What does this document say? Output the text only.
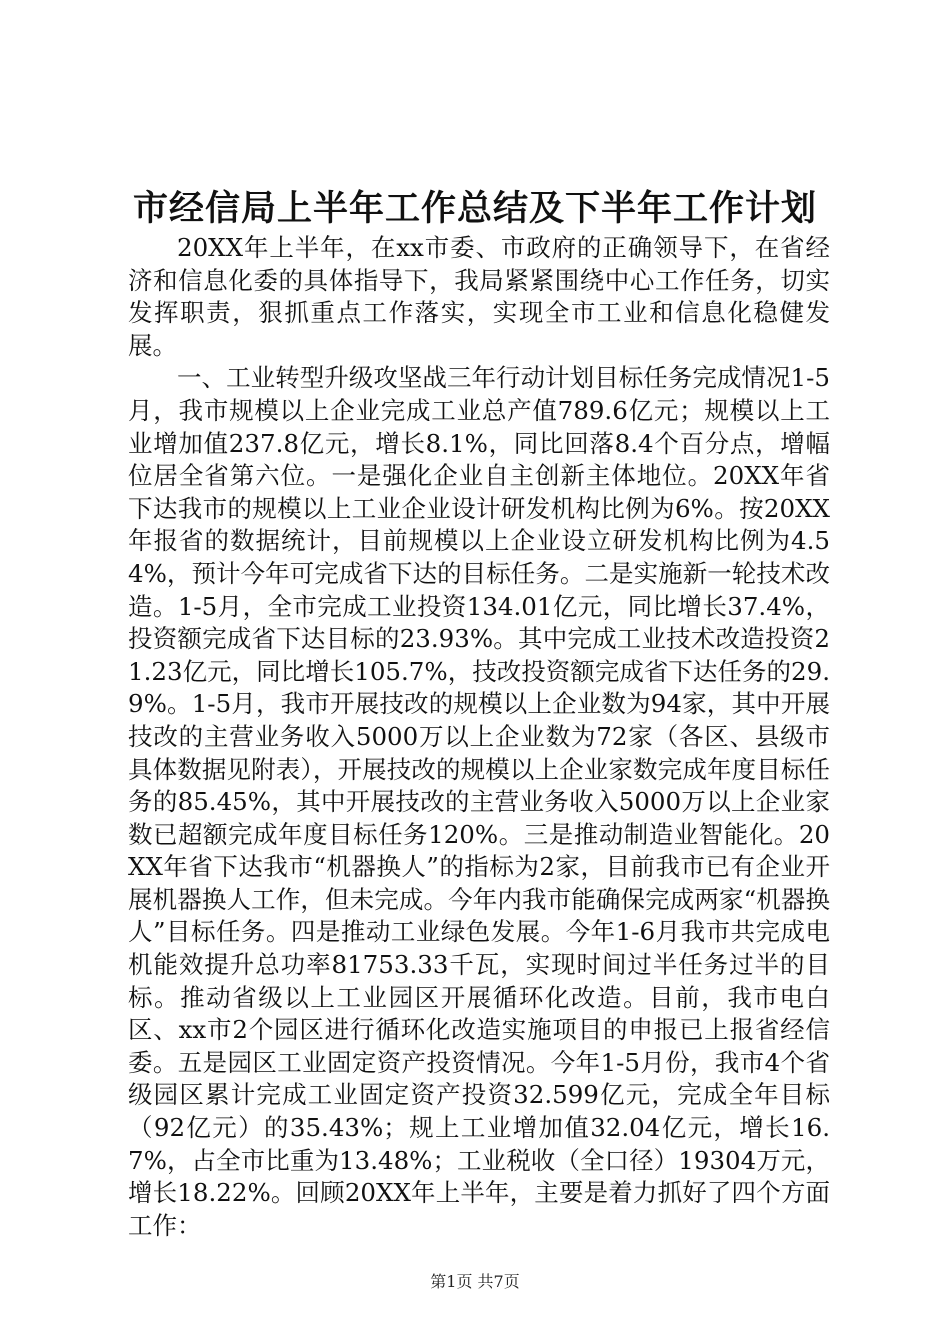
市经信局上半年工作总结及下半年工作计划

20XX年上半年，在xx市委、市政府的正确领导下，在省经济和信息化委的具体指导下，我局紧紧围绕中心工作任务，切实发挥职责，狠抓重点工作落实，实现全市工业和信息化稳健发展。

一、工业转型升级攻坚战三年行动计划目标任务完成情况1-5月，我市规模以上企业完成工业总产值789.6亿元；规模以上工业增加值237.8亿元，增长8.1%，同比回落8.4个百分点，增幅位居全省第六位。一是强化企业自主创新主体地位。20XX年省下达我市的规模以上工业企业设计研发机构比例为6%。按20XX年报省的数据统计，目前规模以上企业设立研发机构比例为4.54%，预计今年可完成省下达的目标任务。二是实施新一轮技术改造。1-5月，全市完成工业投资134.01亿元，同比增长37.4%，投资额完成省下达目标的23.93%。其中完成工业技术改造投资21.23亿元，同比增长105.7%，技改投资额完成省下达任务的29.9%。1-5月，我市开展技改的规模以上企业数为94家，其中开展技改的主营业务收入5000万以上企业数为72家（各区、县级市具体数据见附表），开展技改的规模以上企业家数完成年度目标任务的85.45%，其中开展技改的主营业务收入5000万以上企业家数已超额完成年度目标任务120%。三是推动制造业智能化。20XX年省下达我市“机器换人”的指标为2家，目前我市已有企业开展机器换人工作，但未完成。今年内我市能确保完成两家“机器换人”目标任务。四是推动工业绿色发展。今年1-6月我市共完成电机能效提升总功率81753.33千瓦，实现时间过半任务过半的目标。推动省级以上工业园区开展循环化改造。目前，我市电白区、xx市2个园区进行循环化改造实施项目的申报已上报省经信委。五是园区工业固定资产投资情况。今年1-5月份，我市4个省级园区累计完成工业固定资产投资32.599亿元，完成全年目标（92亿元）的35.43%；规上工业增加值32.04亿元，增长16.7%，占全市比重为13.48%；工业税收（全口径）19304万元，增长18.22%。回顾20XX年上半年，主要是着力抓好了四个方面工作：

第1页 共7页
